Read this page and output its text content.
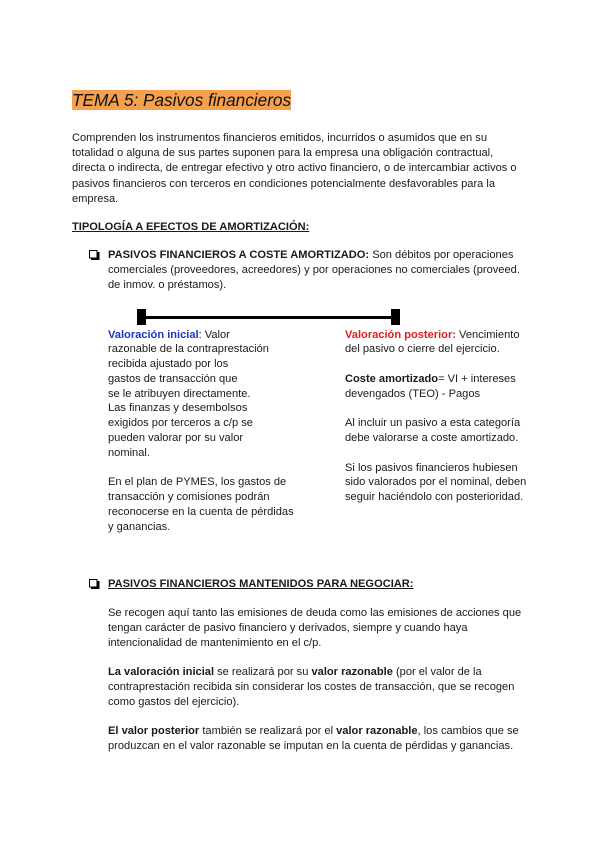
TEMA 5: Pasivos financieros
Comprenden los instrumentos financieros emitidos, incurridos o asumidos que en su
totalidad o alguna de sus partes suponen para la empresa una obligación contractual,
directa o indirecta, de entregar efectivo y otro activo financiero, o de intercambiar activos o
pasivos financieros con terceros en condiciones potencialmente desfavorables para la
empresa.
TIPOLOGÍA A EFECTOS DE AMORTIZACIÓN:
PASIVOS FINANCIEROS A COSTE AMORTIZADO: Son débitos por operaciones
comerciales (proveedores, acreedores) y por operaciones no comerciales (proveed.
de inmov. o préstamos).
Valoración inicial: Valor
razonable de la contraprestación
recibida ajustado por los
gastos de transacción que
se le atribuyen directamente.
Las finanzas y desembolsos
exigidos por terceros a c/p se
pueden valorar por su valor
nominal.
En el plan de PYMES, los gastos de
transacción y comisiones podrán
reconocerse en la cuenta de pérdidas
y ganancias.
Valoración posterior: Vencimiento
del pasivo o cierre del ejercicio.
Coste amortizado= VI + intereses
devengados (TEO) - Pagos
Al incluir un pasivo a esta categoría
debe valorarse a coste amortizado.
Si los pasivos financieros hubiesen
sido valorados por el nominal, deben
seguir haciéndolo con posterioridad.
PASIVOS FINANCIEROS MANTENIDOS PARA NEGOCIAR:
Se recogen aquí tanto las emisiones de deuda como las emisiones de acciones que
tengan carácter de pasivo financiero y derivados, siempre y cuando haya
intencionalidad de mantenimiento en el c/p.
La valoración inicial se realizará por su valor razonable (por el valor de la
contraprestación recibida sin considerar los costes de transacción, que se recogen
como gastos del ejercicio).
El valor posterior también se realizará por el valor razonable, los cambios que se
produzcan en el valor razonable se imputan en la cuenta de pérdidas y ganancias.
